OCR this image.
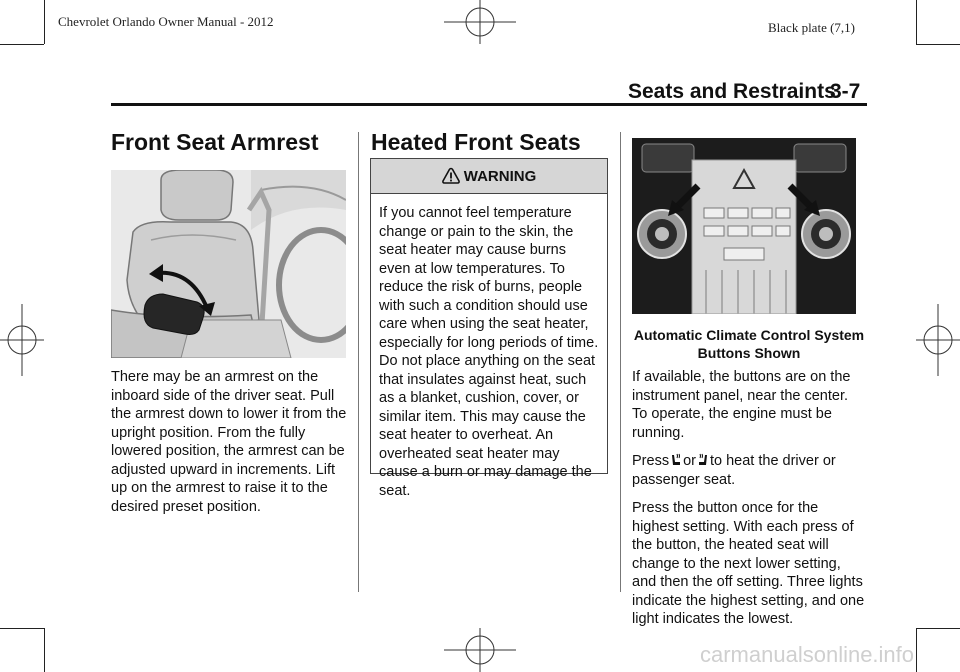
Chevrolet Orlando Owner Manual - 2012	Black plate (7,1)
Seats and Restraints
3-7
Front Seat Armrest
There may be an armrest on the inboard side of the driver seat. Pull the armrest down to lower it from the upright position. From the fully lowered position, the armrest can be adjusted upward in increments. Lift up on the armrest to raise it to the desired preset position.
Heated Front Seats
WARNING
If you cannot feel temperature change or pain to the skin, the seat heater may cause burns even at low temperatures. To reduce the risk of burns, people with such a condition should use care when using the seat heater, especially for long periods of time. Do not place anything on the seat that insulates against heat, such as a blanket, cushion, cover, or similar item. This may cause the seat heater to overheat. An overheated seat heater may cause a burn or may damage the seat.
Automatic Climate Control System
Buttons Shown

If available, the buttons are on the instrument panel, near the center. To operate, the engine must be running.

Press or to heat the driver or passenger seat.

Press the button once for the highest setting. With each press of the button, the heated seat will change to the next lower setting, and then the off setting. Three lights indicate the highest setting, and one light indicates the lowest.

carmanualsonline.info
